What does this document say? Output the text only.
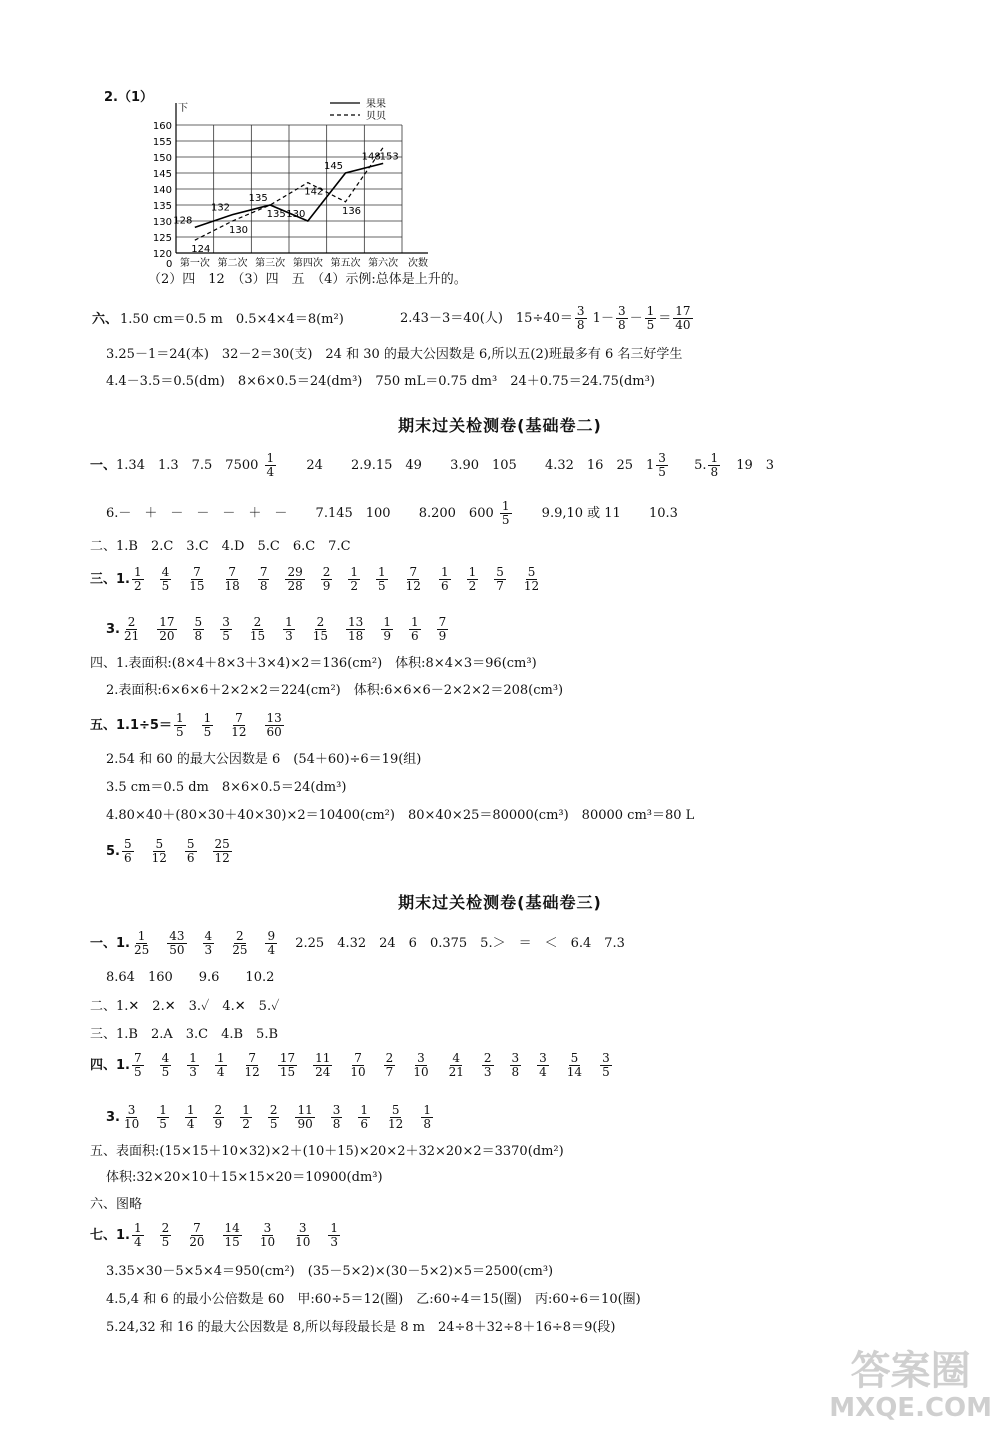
2.（1）
120
125
130
135
140
145
150
155
160
下
0 第一次 第二次 第三次 第四次 第五次 第六次 次数
128
132
135
130
145
148
果果
124
130
135
142
136
153
贝贝
（2）四　12　（3）四　五　（4）示例:总体是上升的。
六、 1.50 cm＝0.5 m　0.5×4×4＝8(m²)	2.43－3＝40(人)　$15\div 40= \frac{3}{8} 1- \frac{3}{8} - \frac{1}{5} = \frac{17}{40}$
3.25－1＝24(本)　32－2＝30(支)　24 和 30 的最大公因数是 6,所以五(2)班最多有 6 名三好学生
4.4－3.5＝0.5(dm)　8×6×0.5＝24(dm³)　750 mL＝0.75 dm³　24＋0.75＝24.75(dm³)
期末过关检测卷(基础卷二)
一、1.34　1.3　7.5　$7500 \frac{1}{4} 24$ 2.9.15　49 3.90　105 4.32　16　25　$1 \frac{3}{5} 5$. $\frac{1}{8} 19$　3
6.－　＋　－　－　－　＋　－ 7.145　100 8.200　$600 \frac{1}{5} 9.9,10$ 或 11 10.3
二、1.B　2.C　3.C　4.D　5.C　6.C　7.C
三、1. $\frac{1}{2} \frac{4}{5} \frac{7}{15} \frac{7}{18} \frac{7}{8} \frac{29}{28} \frac{2}{9} \frac{1}{2} \frac{1}{5} \frac{7}{12} \frac{1}{6} \frac{1}{2} \frac{5}{7} \frac{5}{12}$
3. $\frac{2}{21} \frac{17}{20} \frac{5}{8} \frac{3}{5} \frac{2}{15} \frac{1}{3} \frac{2}{15} \frac{13}{18} \frac{1}{9} \frac{1}{6} \frac{7}{9}$
四、1.表面积:(8×4＋8×3＋3×4)×2＝136(cm²)　体积:8×4×3＝96(cm³)
2.表面积:6×6×6＋2×2×2＝224(cm²)　体积:6×6×6－2×2×2＝208(cm³)
五、$1.1\div 5= \frac{1}{5} \frac{1}{5} \frac{7}{12} \frac{13}{60}$
2.54 和 60 的最大公因数是 6　(54＋60)÷6＝19(组)
3.5 cm＝0.5 dm　8×6×0.5＝24(dm³)
4.80×40＋(80×30＋40×30)×2＝10400(cm²)　80×40×25＝80000(cm³)　80000 cm³＝80 L
5. $\frac{5}{6} \frac{5}{12} \frac{5}{6} \frac{25}{12}$
期末过关检测卷(基础卷三)
一、1. $\frac{1}{25} \frac{43}{50} \frac{4}{3} \frac{2}{25} \frac{9}{4} 2.25$　4.32　24　6　0.375　5.＞　＝　＜　6.4　7.3
8.64　160　　9.6　　10.2
二、1.✕　2.✕　3.✓　4.✕　5.✓
三、1.B　2.A　3.C　4.B　5.B
四、1. $\frac{7}{5} \frac{4}{5} \frac{1}{3} \frac{1}{4} \frac{7}{12} \frac{17}{15} \frac{11}{24} \frac{7}{10} \frac{2}{7} \frac{3}{10} \frac{4}{21} \frac{2}{3} \frac{3}{8} \frac{3}{4} \frac{5}{14} \frac{3}{5}$
3. $\frac{3}{10} \frac{1}{5} \frac{1}{4} \frac{2}{9} \frac{1}{2} \frac{2}{5} \frac{11}{90} \frac{3}{8} \frac{1}{6} \frac{5}{12} \frac{1}{8}$
五、表面积:(15×15＋10×32)×2＋(10＋15)×20×2＋32×20×2＝3370(dm²)
体积:32×20×10＋15×15×20＝10900(dm³)
六、图略
七、1. $\frac{1}{4} \frac{2}{5} \frac{7}{20} \frac{14}{15} \frac{3}{10} \frac{3}{10} \frac{1}{3}$
3.35×30－5×5×4＝950(cm²)　(35－5×2)×(30－5×2)×5＝2500(cm³)
4.5,4 和 6 的最小公倍数是 60　甲:60÷5＝12(圈)　乙:60÷4＝15(圈)　丙:60÷6＝10(圈)
5.24,32 和 16 的最大公因数是 8,所以每段最长是 8 m　24÷8＋32÷8＋16÷8＝9(段)
答案圈
MXQE.COM
